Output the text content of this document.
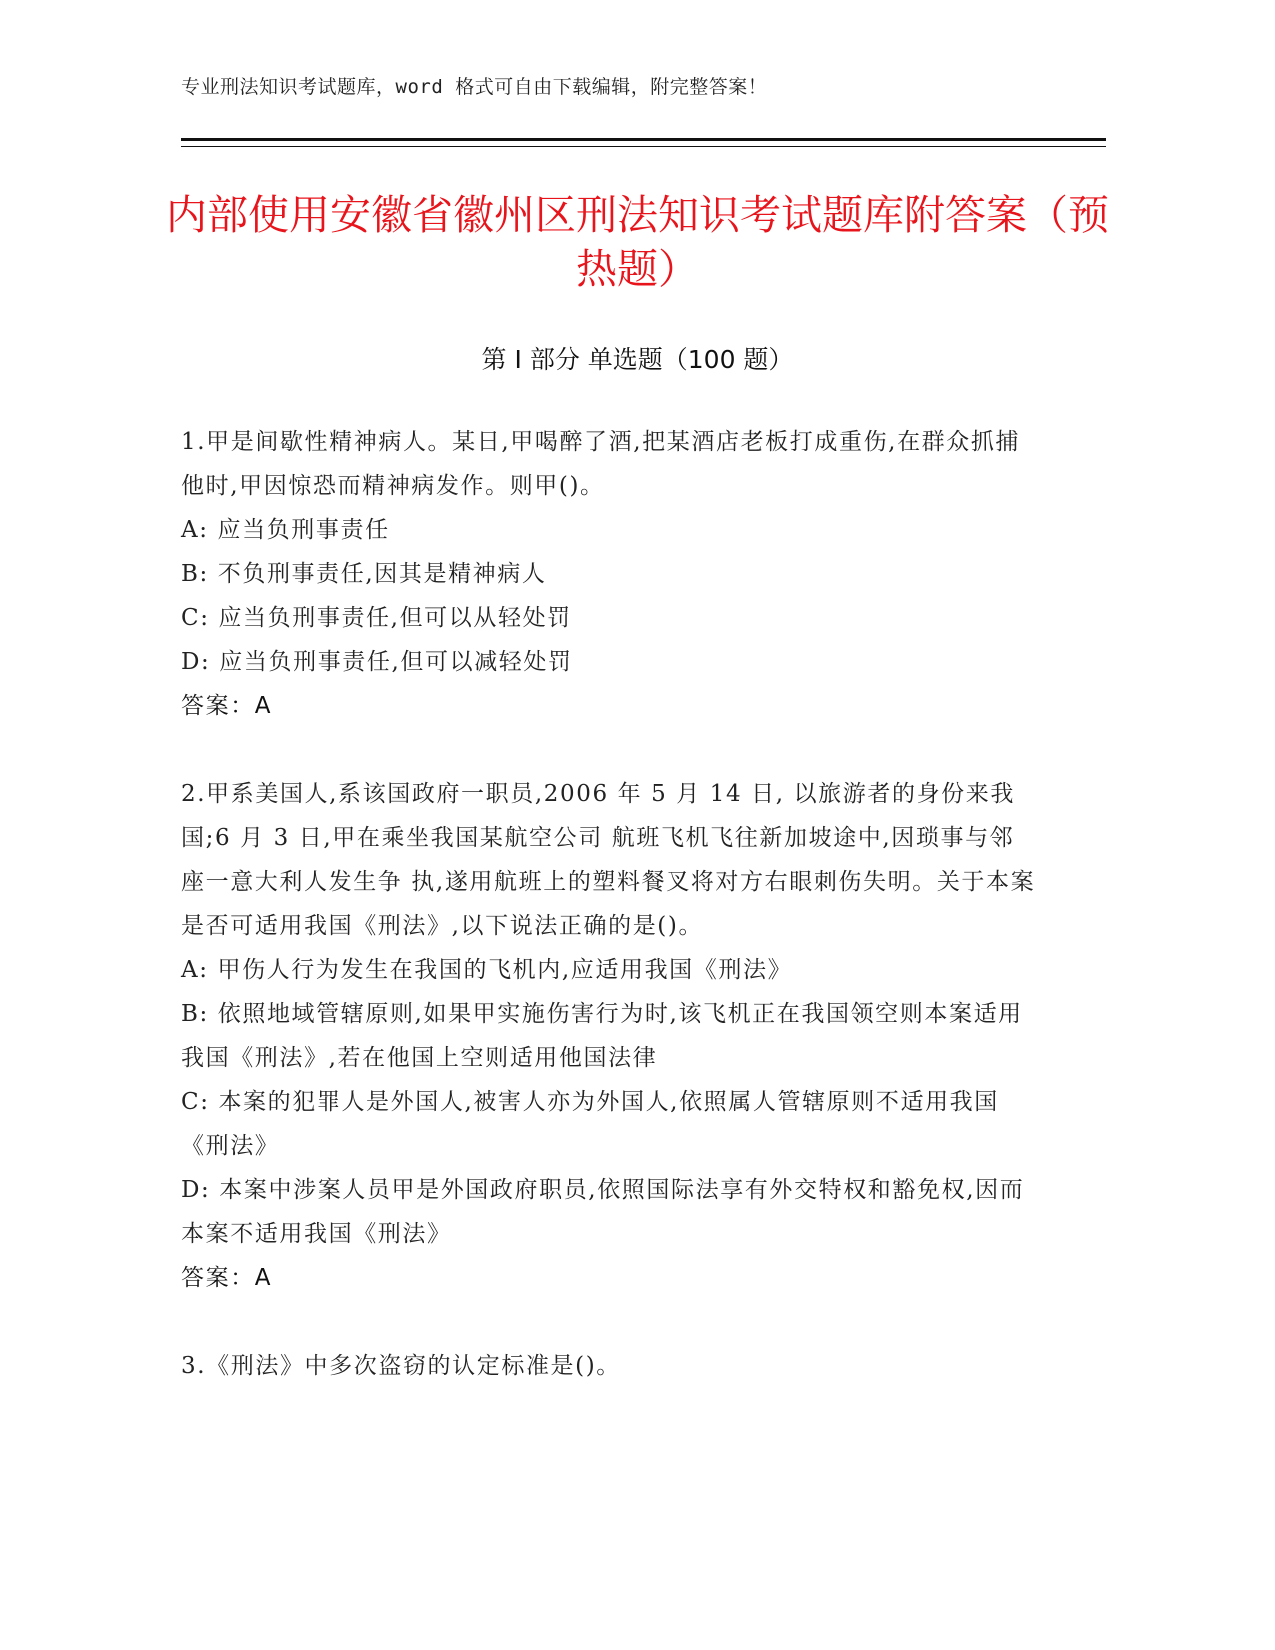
专业刑法知识考试题库，word 格式可自由下载编辑，附完整答案！
内部使用安徽省徽州区刑法知识考试题库附答案（预热题）
第 I 部分 单选题（100 题）

1.甲是间歇性精神病人。某日,甲喝醉了酒,把某酒店老板打成重伤,在群众抓捕他时,甲因惊恐而精神病发作。则甲()。

A: 应当负刑事责任

B: 不负刑事责任,因其是精神病人

C: 应当负刑事责任,但可以从轻处罚

D: 应当负刑事责任,但可以减轻处罚

答案：A

2.甲系美国人,系该国政府一职员,2006 年 5 月 14 日, 以旅游者的身份来我国;6 月 3 日,甲在乘坐我国某航空公司 航班飞机飞往新加坡途中,因琐事与邻座一意大利人发生争 执,遂用航班上的塑料餐叉将对方右眼刺伤失明。关于本案是否可适用我国《刑法》,以下说法正确的是()。

A: 甲伤人行为发生在我国的飞机内,应适用我国《刑法》

B: 依照地域管辖原则,如果甲实施伤害行为时,该飞机正在我国领空则本案适用我国《刑法》,若在他国上空则适用他国法律

C: 本案的犯罪人是外国人,被害人亦为外国人,依照属人管辖原则不适用我国《刑法》

D: 本案中涉案人员甲是外国政府职员,依照国际法享有外交特权和豁免权,因而本案不适用我国《刑法》

答案：A

3.《刑法》中多次盗窃的认定标准是()。
